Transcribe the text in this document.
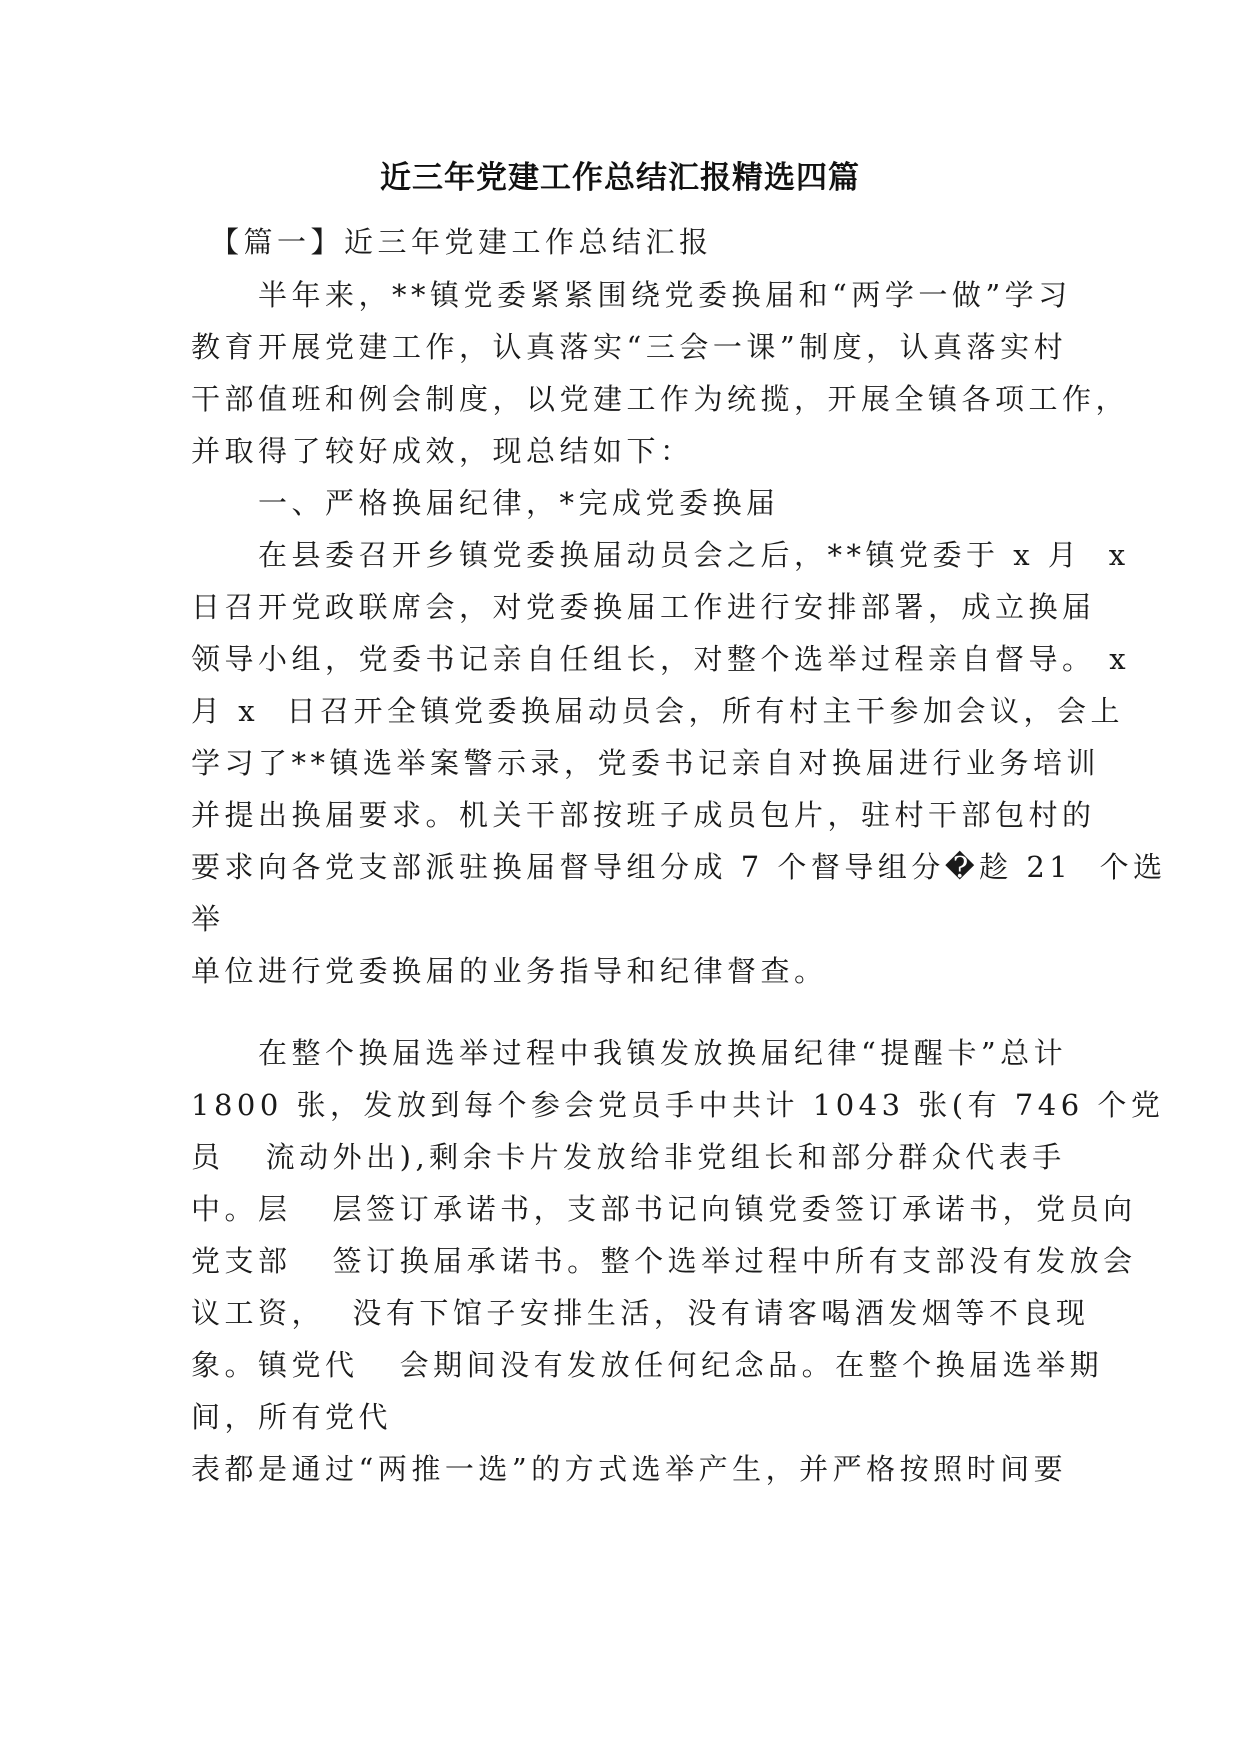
近三年党建工作总结汇报精选四篇
　【篇一】近三年党建工作总结汇报
　　半年来，**镇党委紧紧围绕党委换届和“两学一做”学习
教育开展党建工作，认真落实“三会一课”制度，认真落实村
干部值班和例会制度，以党建工作为统揽，开展全镇各项工作，
并取得了较好成效，现总结如下：
　　一、严格换届纪律，*完成党委换届
　　在县委召开乡镇党委换届动员会之后，**镇党委于 x 月  x
日召开党政联席会，对党委换届工作进行安排部署，成立换届
领导小组，党委书记亲自任组长，对整个选举过程亲自督导。 x
月 x  日召开全镇党委换届动员会，所有村主干参加会议，会上
学习了**镇选举案警示录，党委书记亲自对换届进行业务培训
并提出换届要求。机关干部按班子成员包片，驻村干部包村的
要求向各党支部派驻换届督导组分成 7 个督导组分�趁 21  个选
举
单位进行党委换届的业务指导和纪律督查。
　　在整个换届选举过程中我镇发放换届纪律“提醒卡”总计
1800 张，发放到每个参会党员手中共计 1043 张(有 746 个党
员   流动外出),剩余卡片发放给非党组长和部分群众代表手
中。层   层签订承诺书，支部书记向镇党委签订承诺书，党员向
党支部   签订换届承诺书。整个选举过程中所有支部没有发放会
议工资，  没有下馆子安排生活，没有请客喝酒发烟等不良现
象。镇党代   会期间没有发放任何纪念品。在整个换届选举期
间，所有党代
表都是通过“两推一选”的方式选举产生，并严格按照时间要
